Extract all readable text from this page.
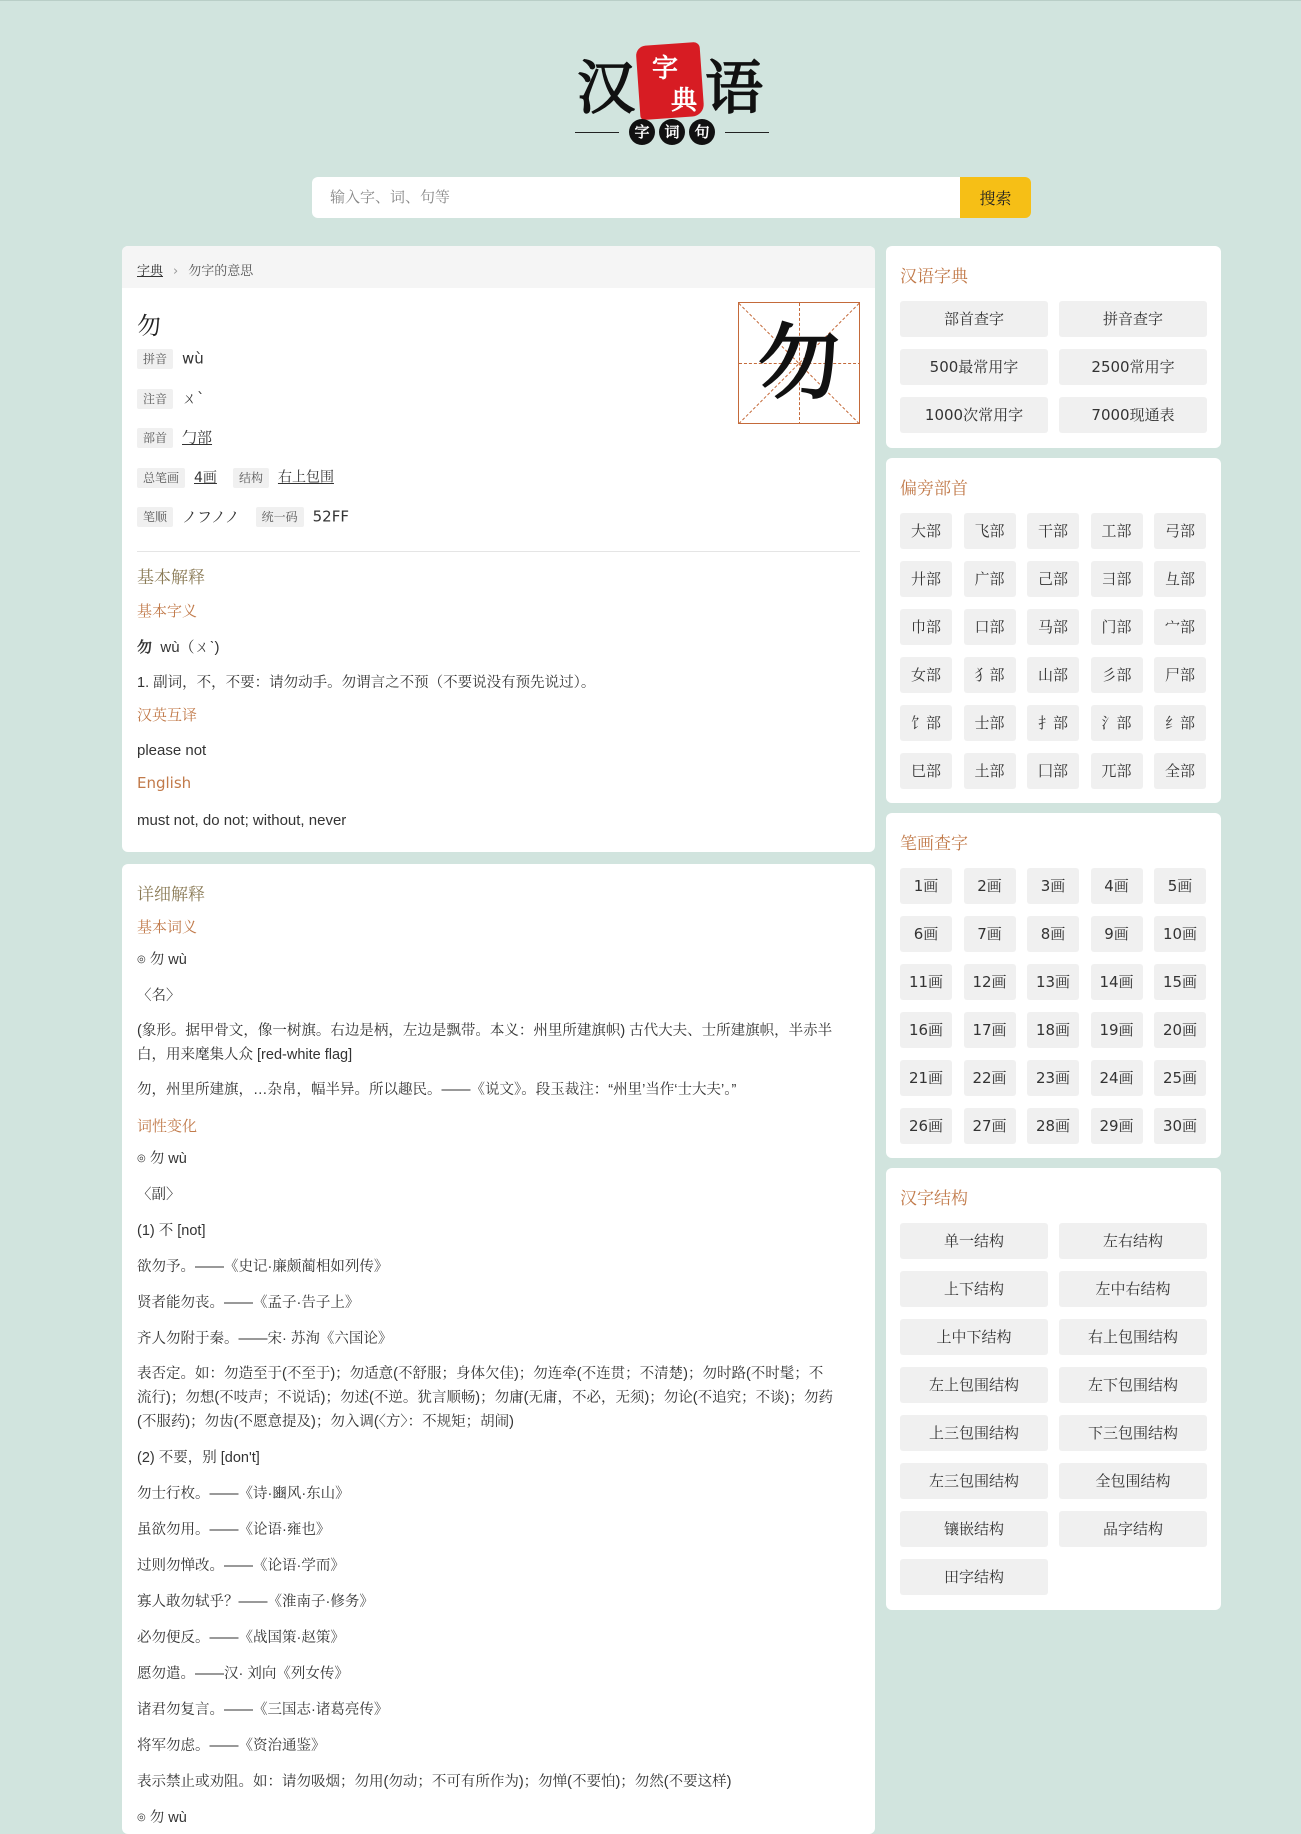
汉 字
典 语
字 词 句
输入字、词、句等
搜索
字典 › 勿字的意思
勿
拼音 wù
注音 ㄨˋ
部首 勹部
总笔画 4画 结构 右上包围
笔顺 ノフノノ 统一码 52FF
勿
基本解释
基本字义
勿 wù（ㄨˋ)
1. 副词，不，不要：请勿动手。勿谓言之不预（不要说没有预先说过）。
汉英互译
please not
English
must not, do not; without, never
详细解释
基本词义
◎ 勿 wù
〈名〉
(象形。据甲骨文，像一树旗。右边是柄，左边是飘带。本义：州里所建旗帜) 古代大夫、士所建旗帜，半赤半白，用来麾集人众 [red-white flag]
勿，州里所建旗，…杂帛，幅半异。所以趣民。——《说文》。段玉裁注：“州里’当作‘士大夫’。”
词性变化
◎ 勿 wù
〈副〉
(1) 不 [not]
欲勿予。——《史记·廉颇蔺相如列传》
贤者能勿丧。——《孟子·告子上》
齐人勿附于秦。——宋· 苏洵《六国论》
表否定。如：勿造至于(不至于)；勿适意(不舒服；身体欠佳)；勿连牵(不连贯；不清楚)；勿时路(不时髦；不流行)；勿想(不吱声；不说话)；勿述(不逆。犹言顺畅)；勿庸(无庸，不必，无须)；勿论(不追究；不谈)；勿药(不服药)；勿齿(不愿意提及)；勿入调(〈方〉：不规矩；胡闹)
(2) 不要，别 [don't]
勿士行枚。——《诗·豳风·东山》
虽欲勿用。——《论语·雍也》
过则勿惮改。——《论语·学而》
寡人敢勿轼乎？——《淮南子·修务》
必勿便反。——《战国策·赵策》
愿勿遣。——汉· 刘向《列女传》
诸君勿复言。——《三国志·诸葛亮传》
将军勿虑。——《资治通鉴》
表示禁止或劝阻。如：请勿吸烟；勿用(勿动；不可有所作为)；勿惮(不要怕)；勿然(不要这样)
◎ 勿 wù
汉语字典
部首查字	拼音查字
500最常用字	2500常用字
1000次常用字	7000现通表
偏旁部首
大部	飞部	干部	工部	弓部
廾部	广部	己部	彐部	彑部
巾部	口部	马部	门部	宀部
女部	犭部	山部	彡部	尸部
饣部	士部	扌部	氵部	纟部
巳部	土部	囗部	兀部	全部
笔画查字
1画	2画	3画	4画	5画
6画	7画	8画	9画	10画
11画	12画	13画	14画	15画
16画	17画	18画	19画	20画
21画	22画	23画	24画	25画
26画	27画	28画	29画	30画
汉字结构
单一结构	左右结构
上下结构	左中右结构
上中下结构	右上包围结构
左上包围结构	左下包围结构
上三包围结构	下三包围结构
左三包围结构	全包围结构
镶嵌结构	品字结构
田字结构
